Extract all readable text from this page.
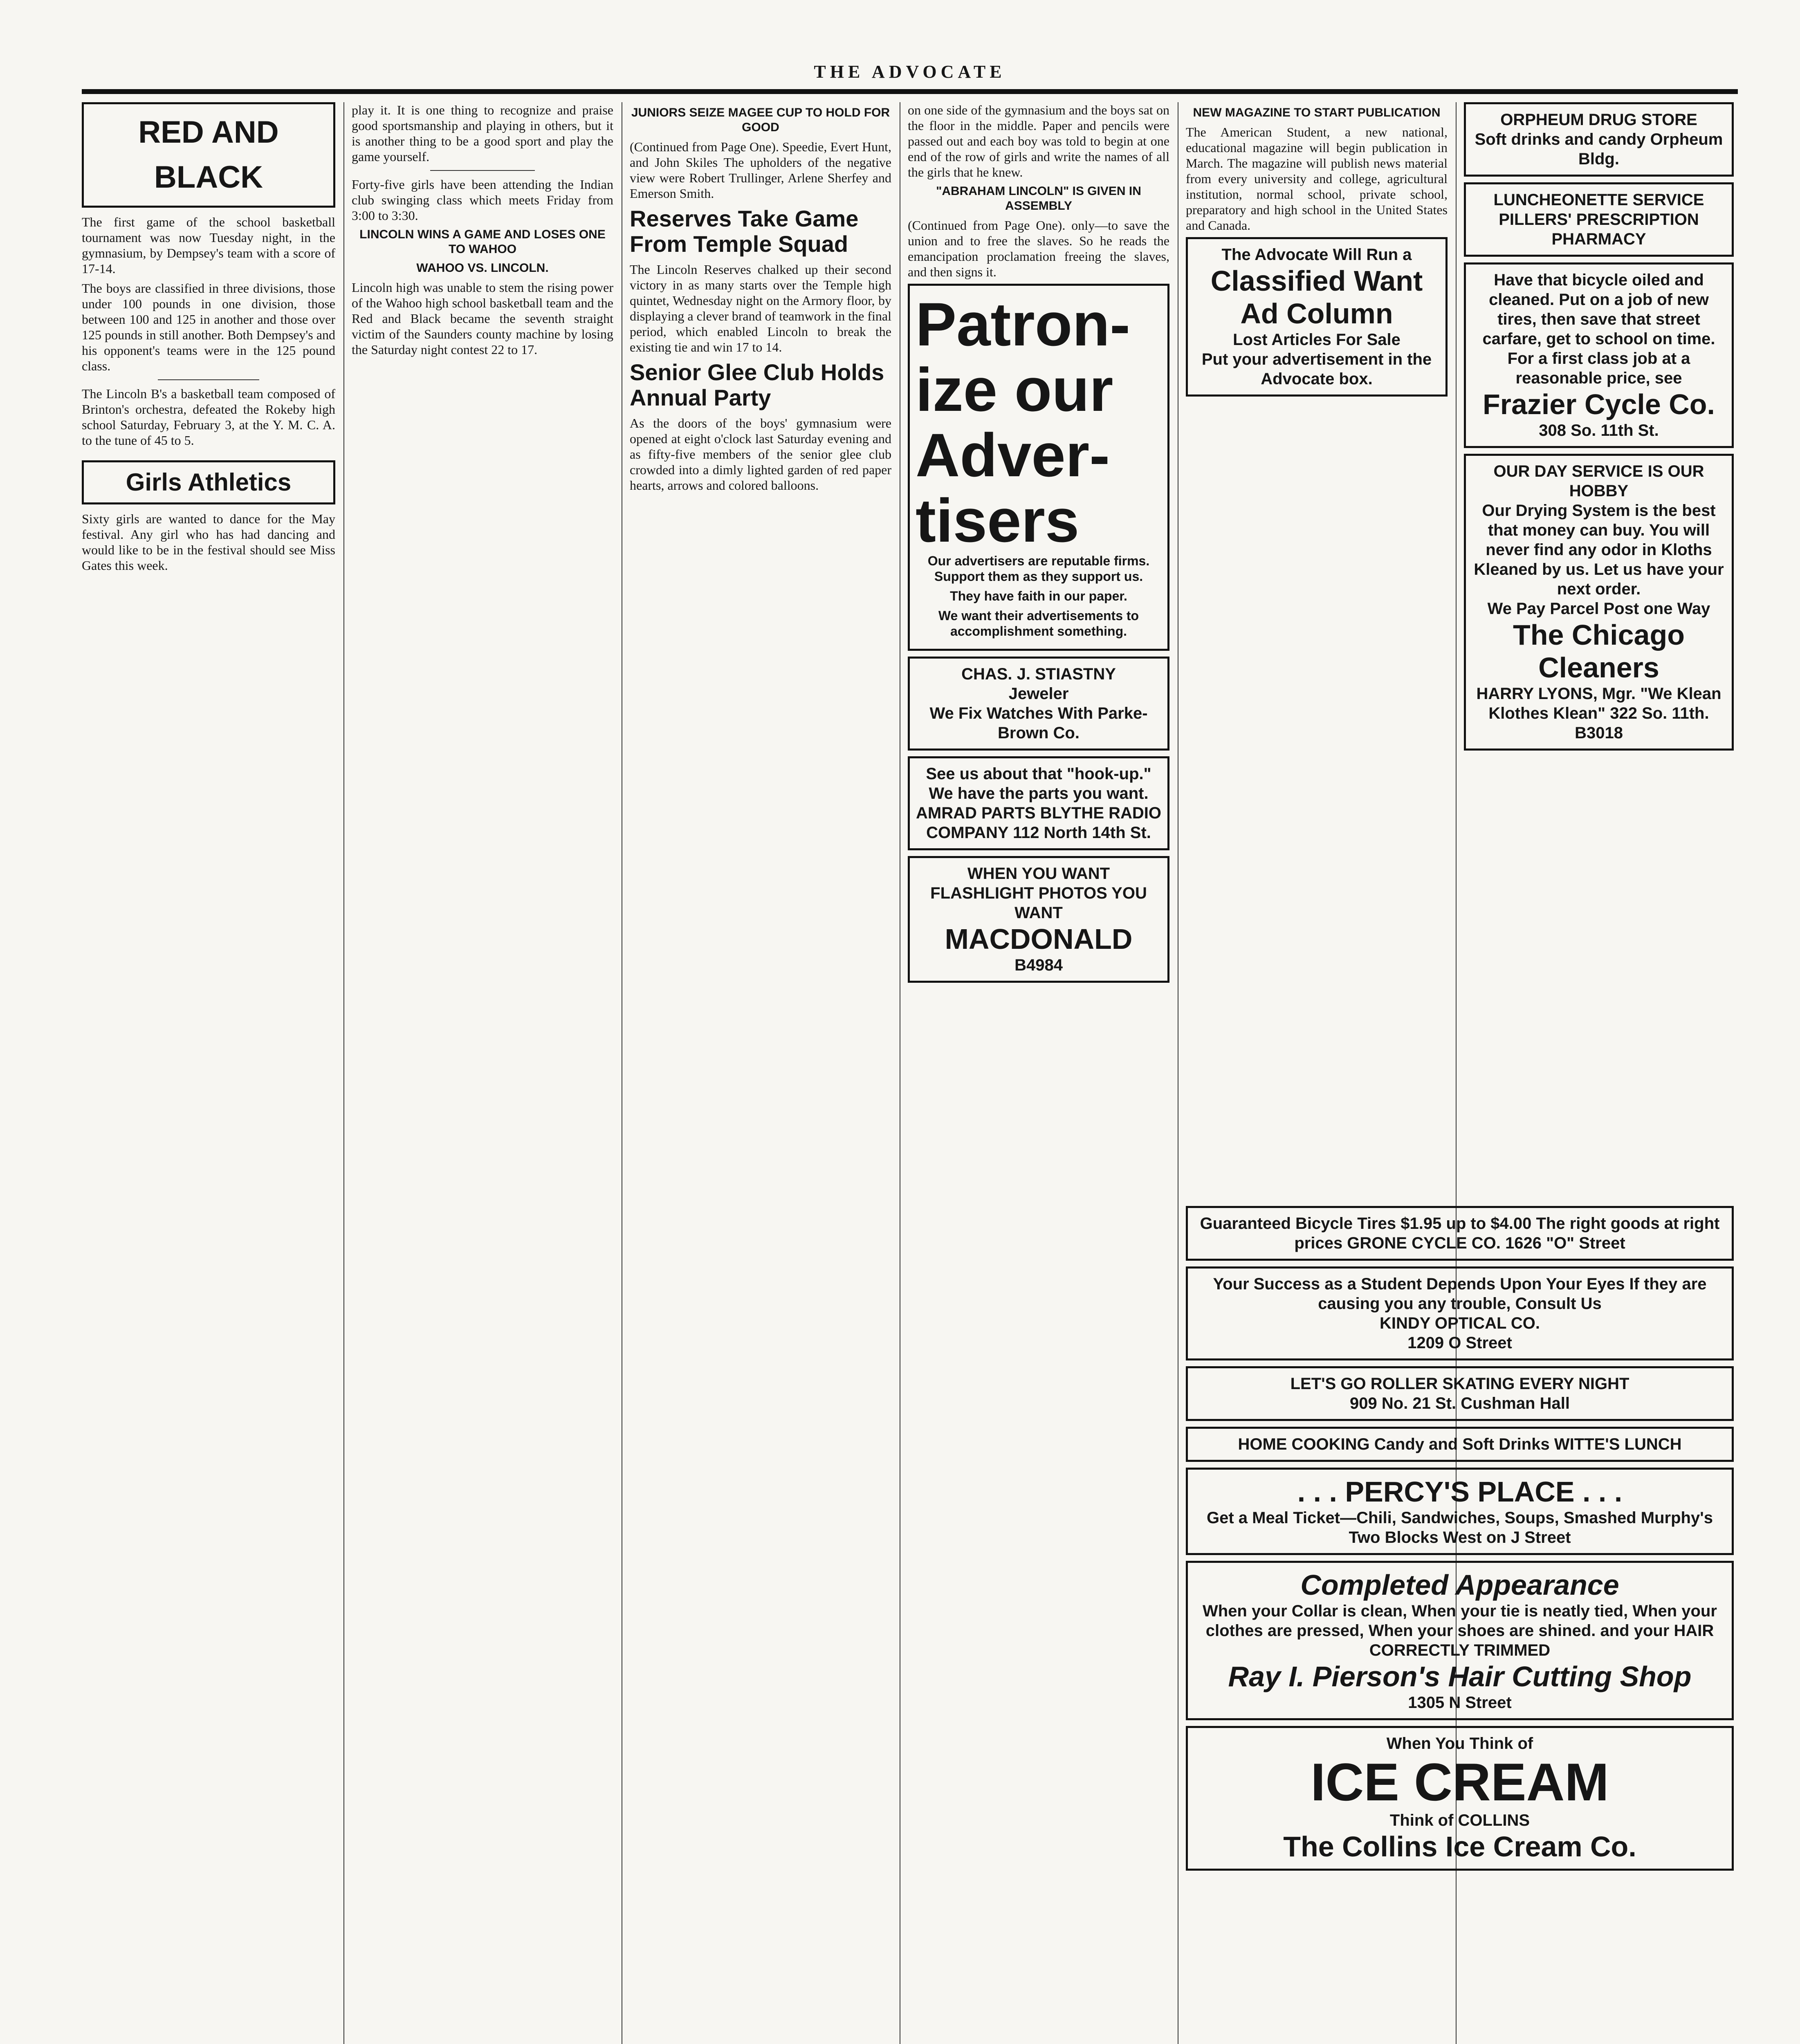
THE ADVOCATE
RED AND BLACK

The first game of the school basketball tournament was now Tuesday night, in the gymnasium, by Dempsey's team with a score of 17-14.

The boys are classified in three divisions, those under 100 pounds in one division, those between 100 and 125 in another and those over 125 pounds in still another. Both Dempsey's and his opponent's teams were in the 125 pound class.

The Lincoln B's a basketball team composed of Brinton's orchestra, defeated the Rokeby high school Saturday, February 3, at the Y. M. C. A. to the tune of 45 to 5.

Girls Athletics

Sixty girls are wanted to dance for the May festival. Any girl who has had dancing and would like to be in the festival should see Miss Gates this week.

play it. It is one thing to recognize and praise good sportsmanship and playing in others, but it is another thing to be a good sport and play the game yourself.

Forty-five girls have been attending the Indian club swinging class which meets Friday from 3:00 to 3:30.

LINCOLN WINS A GAME AND LOSES ONE TO WAHOO
WAHOO VS. LINCOLN.

Lincoln high was unable to stem the rising power of the Wahoo high school basketball team and the Red and Black became the seventh straight victim of the Saunders county machine by losing the Saturday night contest 22 to 17.

JUNIORS SEIZE MAGEE CUP TO HOLD FOR GOOD

(Continued from Page One). Speedie, Evert Hunt, and John Skiles The upholders of the negative view were Robert Trullinger, Arlene Sherfey and Emerson Smith.

Reserves Take Game From Temple Squad

The Lincoln Reserves chalked up their second victory in as many starts over the Temple high quintet, Wednesday night on the Armory floor, by displaying a clever brand of teamwork in the final period, which enabled Lincoln to break the existing tie and win 17 to 14.

Senior Glee Club Holds Annual Party

As the doors of the boys' gymnasium were opened at eight o'clock last Saturday evening and as fifty-five members of the senior glee club crowded into a dimly lighted garden of red paper hearts, arrows and colored balloons.

on one side of the gymnasium and the boys sat on the floor in the middle. Paper and pencils were passed out and each boy was told to begin at one end of the row of girls and write the names of all the girls that he knew.

"ABRAHAM LINCOLN" IS GIVEN IN ASSEMBLY

(Continued from Page One). only—to save the union and to free the slaves. So he reads the emancipation proclamation freeing the slaves, and then signs it.

Patron-ize our Adver-tisers

Our advertisers are reputable firms. Support them as they support us.

They have faith in our paper.

We want their advertisements to accomplishment something.

CHAS. J. STIASTNY
Jeweler
We Fix Watches With Parke-Brown Co.
See us about that "hook-up." We have the parts you want. AMRAD PARTS BLYTHE RADIO COMPANY 112 North 14th St.
WHEN YOU WANT FLASHLIGHT PHOTOS YOU WANT
MACDONALD
B4984
NEW MAGAZINE TO START PUBLICATION

The American Student, a new national, educational magazine will begin publication in March. The magazine will publish news material from every university and college, agricultural institution, normal school, private school, preparatory and high school in the United States and Canada.

The Advocate Will Run a
Classified Want Ad Column
Lost Articles For Sale
Put your advertisement in the Advocate box.
ORPHEUM DRUG STORE
Soft drinks and candy Orpheum Bldg.
LUNCHEONETTE SERVICE
PILLERS' PRESCRIPTION PHARMACY
Have that bicycle oiled and cleaned. Put on a job of new tires, then save that street carfare, get to school on time. For a first class job at a reasonable price, see
Frazier Cycle Co.
308 So. 11th St.
OUR DAY SERVICE IS OUR HOBBY
Our Drying System is the best that money can buy. You will never find any odor in Kloths Kleaned by us. Let us have your next order.
We Pay Parcel Post one Way
The Chicago Cleaners
HARRY LYONS, Mgr. "We Klean Klothes Klean" 322 So. 11th. B3018
Guaranteed Bicycle Tires $1.95 up to $4.00 The right goods at right prices GRONE CYCLE CO. 1626 "O" Street
Your Success as a Student Depends Upon Your Eyes If they are causing you any trouble, Consult Us
KINDY OPTICAL CO.
1209 O Street
LET'S GO ROLLER SKATING EVERY NIGHT
909 No. 21 St. Cushman Hall
HOME COOKING Candy and Soft Drinks WITTE'S LUNCH
. . . PERCY'S PLACE . . .
Get a Meal Ticket—Chili, Sandwiches, Soups, Smashed Murphy's Two Blocks West on J Street
Completed Appearance
When your Collar is clean, When your tie is neatly tied, When your clothes are pressed, When your shoes are shined. and your HAIR CORRECTLY TRIMMED
Ray I. Pierson's Hair Cutting Shop
1305 N Street
When You Think of
ICE CREAM
Think of COLLINS
The Collins Ice Cream Co.
